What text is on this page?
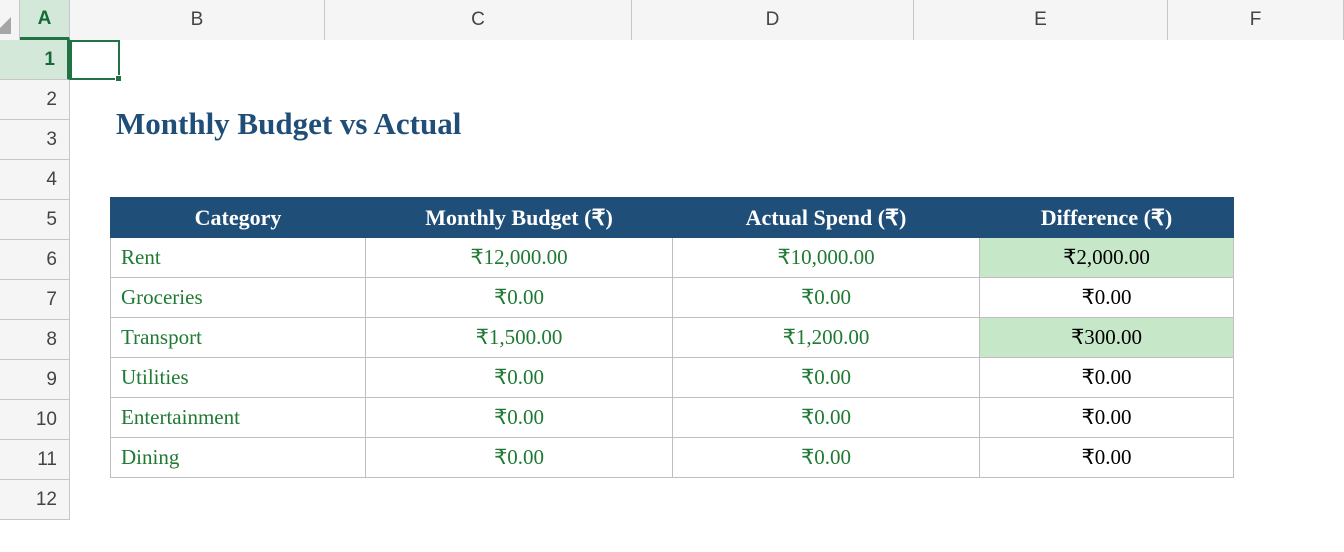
A	B	C	D	E	F
1
2
3
4
5
6
7
8
9
10
11
12
Monthly Budget vs Actual
Category	Monthly Budget (₹)	Actual Spend (₹)	Difference (₹)
Rent	₹12,000.00	₹10,000.00	₹2,000.00
Groceries	₹0.00	₹0.00	₹0.00
Transport	₹1,500.00	₹1,200.00	₹300.00
Utilities	₹0.00	₹0.00	₹0.00
Entertainment	₹0.00	₹0.00	₹0.00
Dining	₹0.00	₹0.00	₹0.00
